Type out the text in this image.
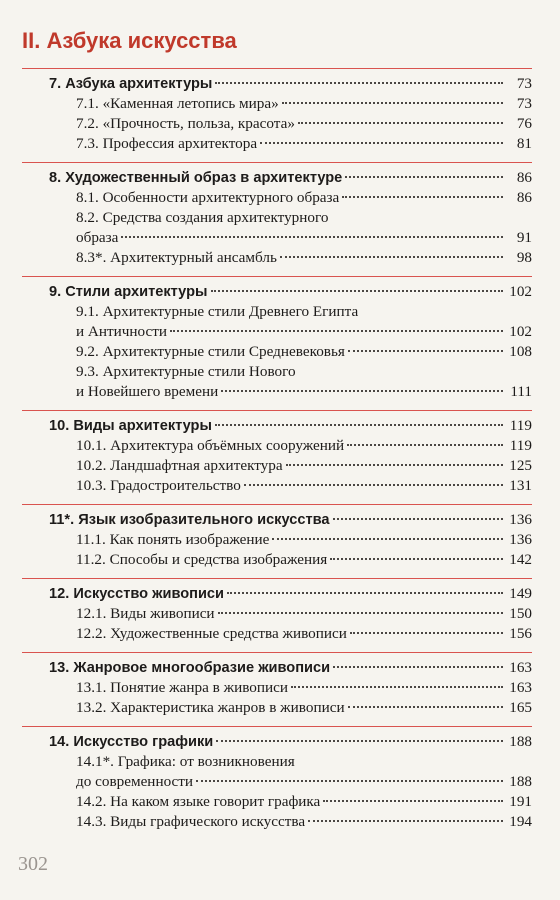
II. Азбука искусства
7. Азбука архитектуры	73
7.1. «Каменная летопись мира»	73
7.2. «Прочность, польза, красота»	76
7.3. Профессия архитектора	81
8. Художественный образ в архитектуре	86
8.1. Особенности архитектурного образа	86
8.2. Средства создания архитектурного
образа	91
8.3*. Архитектурный ансамбль	98
9. Стили архитектуры	102
9.1. Архитектурные стили Древнего Египта
и Античности	102
9.2. Архитектурные стили Средневековья	108
9.3. Архитектурные стили Нового
и Новейшего времени	111
10. Виды архитектуры	119
10.1. Архитектура объёмных сооружений	119
10.2. Ландшафтная архитектура	125
10.3. Градостроительство	131
11*. Язык изобразительного искусства	136
11.1. Как понять изображение	136
11.2. Способы и средства изображения	142
12. Искусство живописи	149
12.1. Виды живописи	150
12.2. Художественные средства живописи	156
13. Жанровое многообразие живописи	163
13.1. Понятие жанра в живописи	163
13.2. Характеристика жанров в живописи	165
14. Искусство графики	188
14.1*. Графика: от возникновения
до современности	188
14.2. На каком языке говорит графика	191
14.3. Виды графического искусства	194
302
